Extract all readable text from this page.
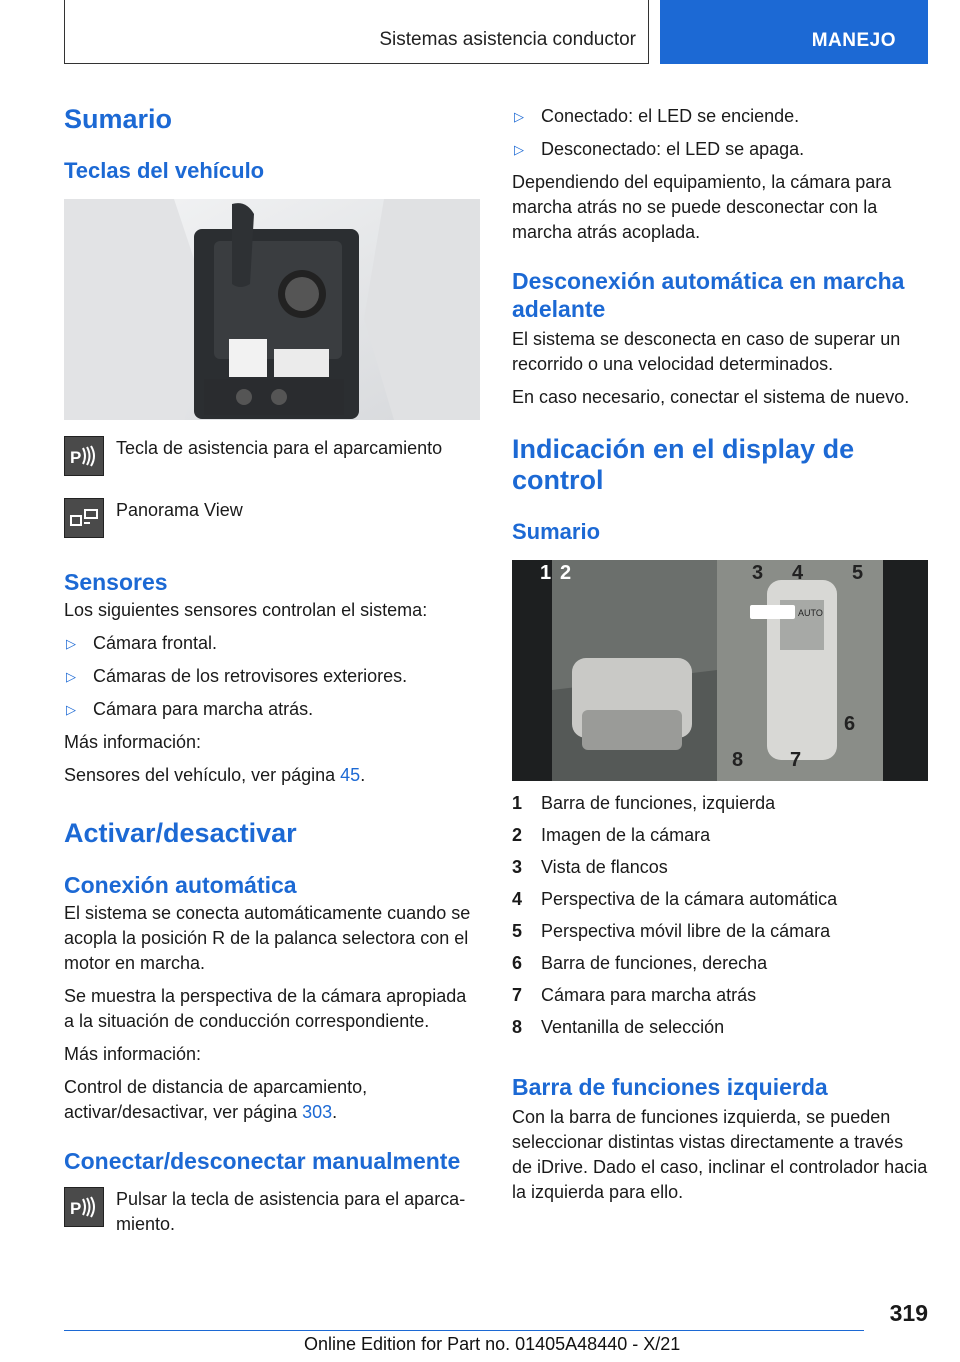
Sistemas asistencia conductor	MANEJO
Sumario
Teclas del vehículo
P Tecla de asistencia para el aparcamiento
Panorama View
Sensores

Los siguientes sensores controlan el sistema:

▷ Cámara frontal.
▷ Cámaras de los retrovisores exteriores.
▷ Cámara para marcha atrás.

Más información:

Sensores del vehículo, ver página 45.

Activar/desactivar
Conexión automática

El sistema se conecta automáticamente cuando se acopla la posición R de la palanca selectora con el motor en marcha.

Se muestra la perspectiva de la cámara apropiada a la situación de conducción correspondiente.

Más información:

Control de distancia de aparcamiento, activar/desactivar, ver página 303.

Conectar/desconectar manualmente
P Pulsar la tecla de asistencia para el aparcamiento.
▷ Conectado: el LED se enciende.
▷ Desconectado: el LED se apaga.

Dependiendo del equipamiento, la cámara para marcha atrás no se puede desconectar con la marcha atrás acoplada.

Desconexión automática en marcha adelante

El sistema se desconecta en caso de superar un recorrido o una velocidad determinados.

En caso necesario, conectar el sistema de nuevo.

Indicación en el display de control
Sumario
AUTO
1 2	3 4 5
6
7
8
1	Barra de funciones, izquierda
2	Imagen de la cámara
3	Vista de flancos
4	Perspectiva de la cámara automática
5	Perspectiva móvil libre de la cámara
6	Barra de funciones, derecha
7	Cámara para marcha atrás
8	Ventanilla de selección
Barra de funciones izquierda

Con la barra de funciones izquierda, se pueden seleccionar distintas vistas directamente a través de iDrive. Dado el caso, inclinar el controlador hacia la izquierda para ello.

319
Online Edition for Part no. 01405A48440 - X/21
